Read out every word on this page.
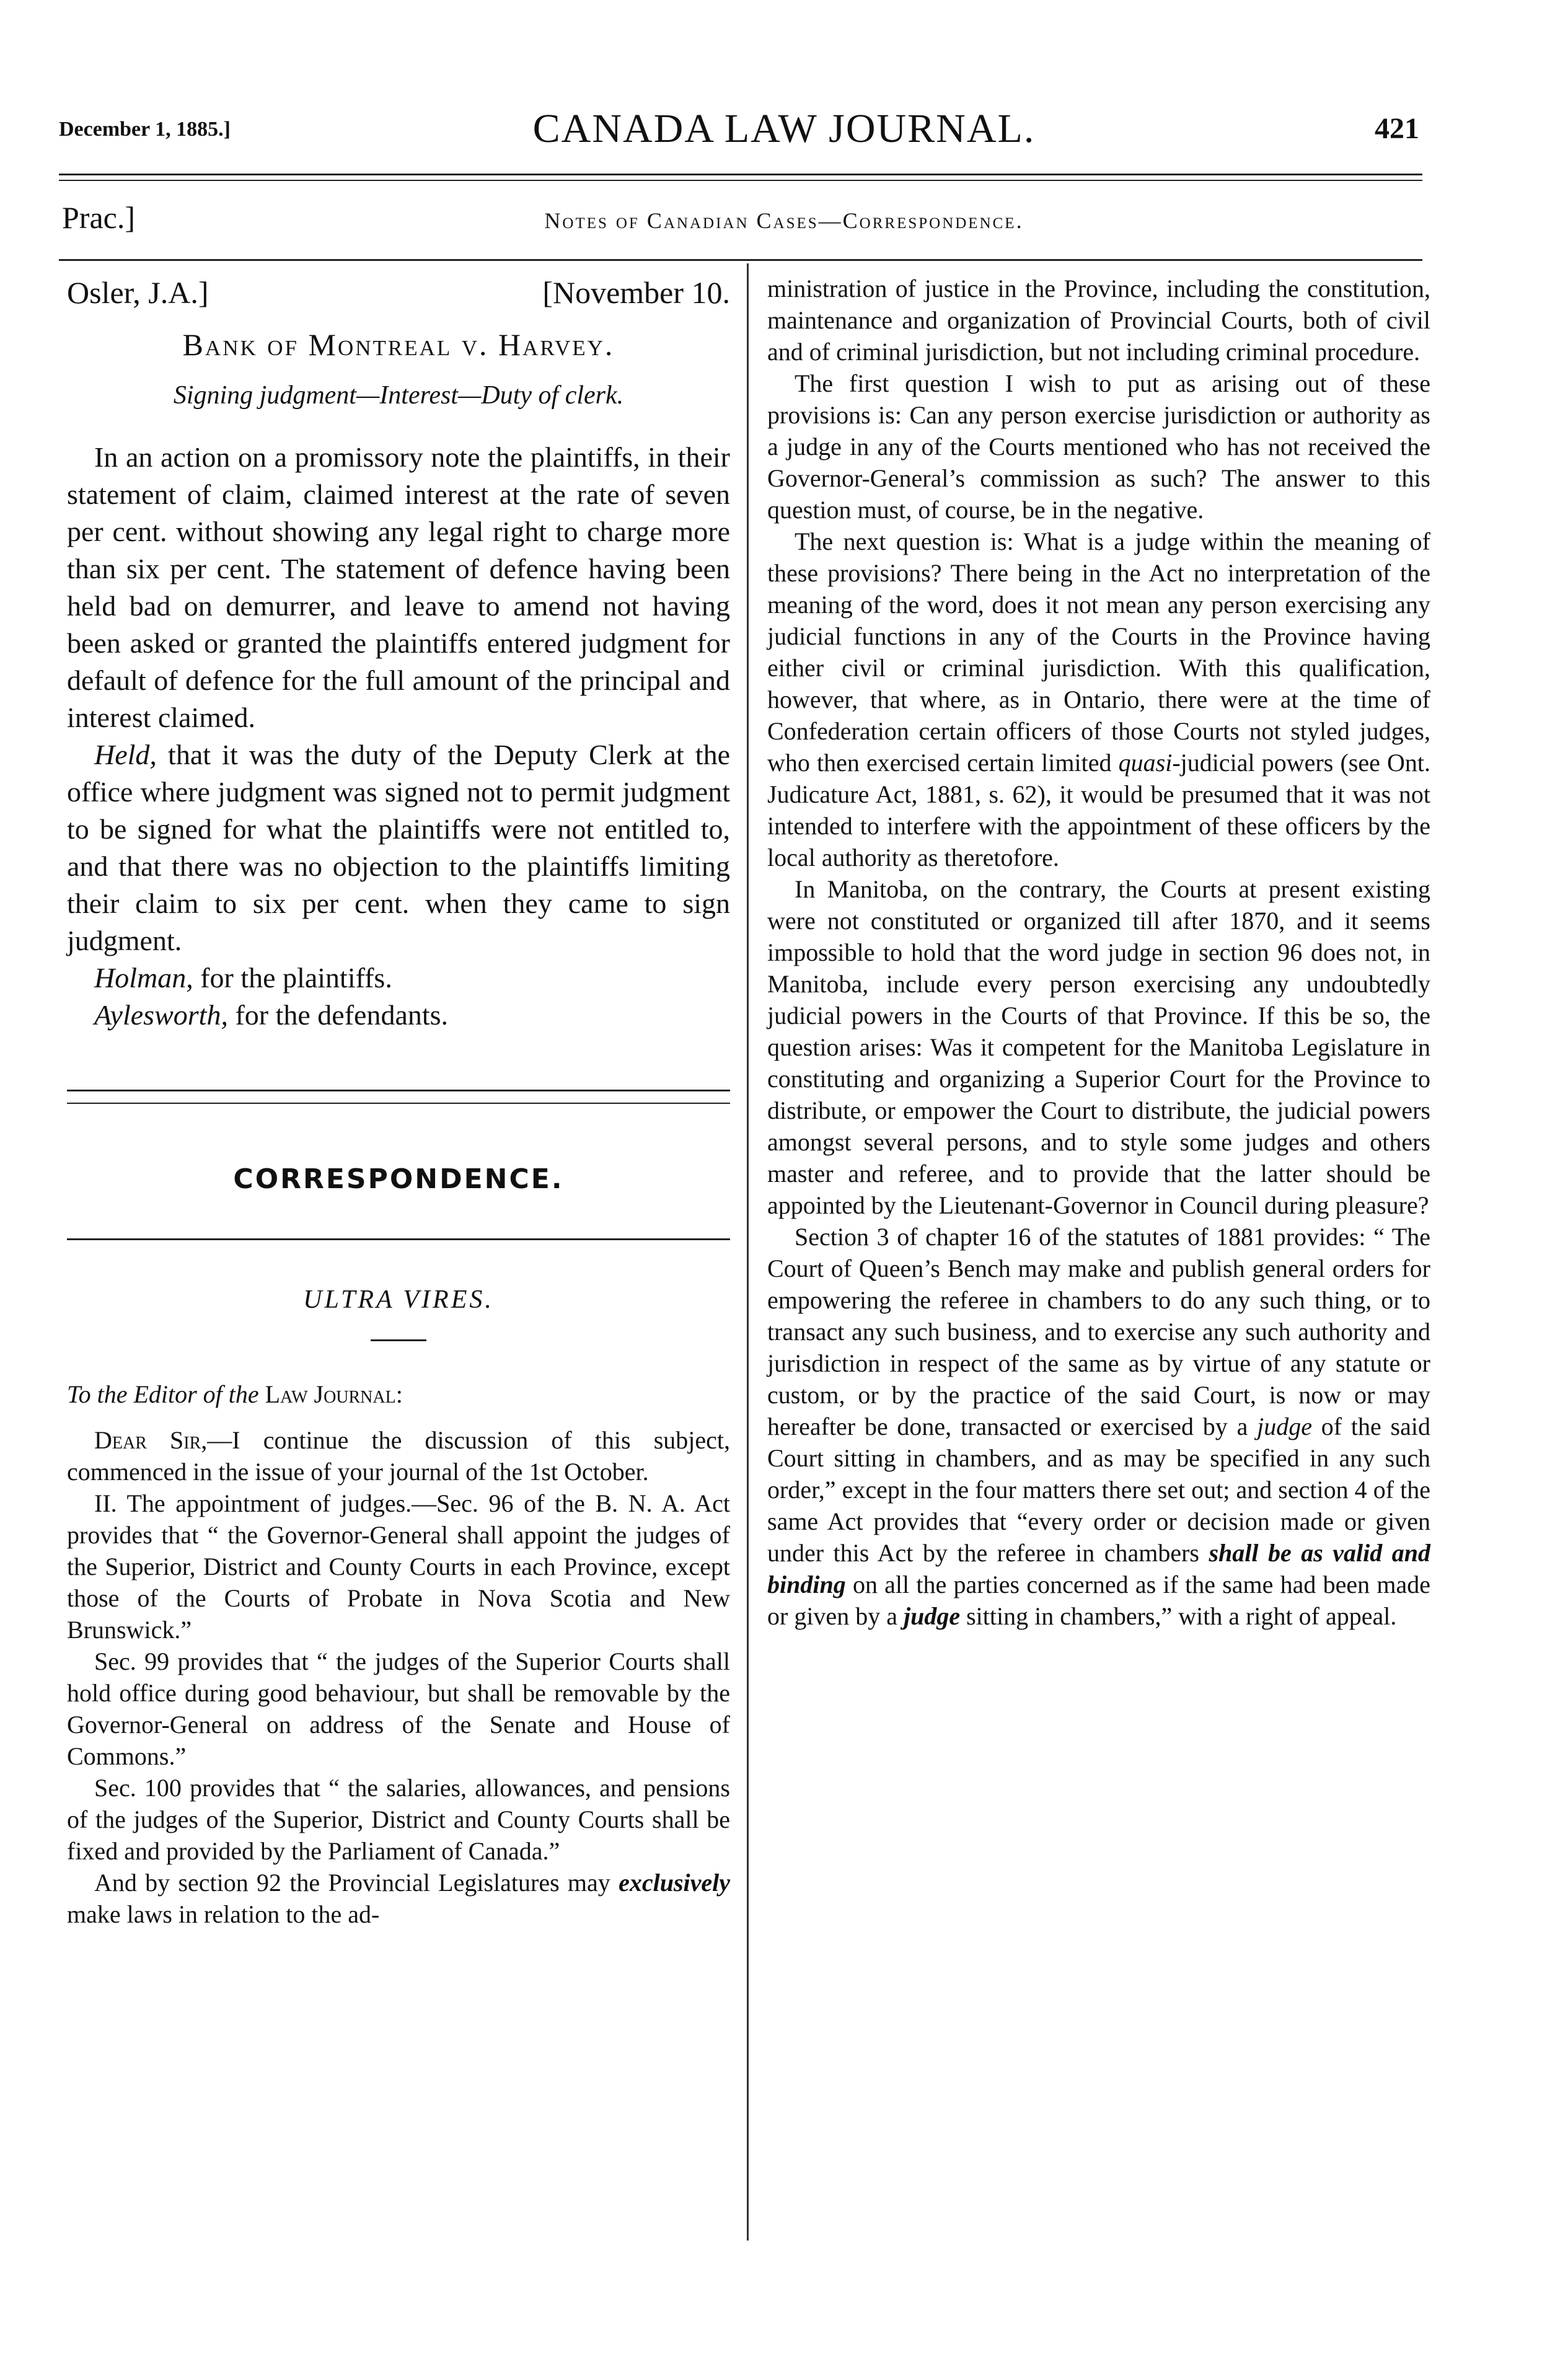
December 1, 1885.]	CANADA LAW JOURNAL.	421
Prac.]	Notes of Canadian Cases—Correspondence.
Osler, J.A.]	[November 10.
Bank of Montreal v. Harvey.
Signing judgment—Interest—Duty of clerk.

In an action on a promissory note the plaintiffs, in their statement of claim, claimed interest at the rate of seven per cent. without showing any legal right to charge more than six per cent. The statement of defence having been held bad on demurrer, and leave to amend not having been asked or granted the plaintiffs entered judgment for default of defence for the full amount of the principal and interest claimed.

Held, that it was the duty of the Deputy Clerk at the office where judgment was signed not to permit judgment to be signed for what the plaintiffs were not entitled to, and that there was no objection to the plaintiffs limiting their claim to six per cent. when they came to sign judgment.

Holman, for the plaintiffs.

Aylesworth, for the defendants.

CORRESPONDENCE.
ULTRA VIRES.

To the Editor of the Law Journal:

Dear Sir,—I continue the discussion of this subject, commenced in the issue of your journal of the 1st October.

II. The appointment of judges.—Sec. 96 of the B. N. A. Act provides that “ the Governor-General shall appoint the judges of the Superior, District and County Courts in each Province, except those of the Courts of Probate in Nova Scotia and New Brunswick.”

Sec. 99 provides that “ the judges of the Superior Courts shall hold office during good behaviour, but shall be removable by the Governor-General on address of the Senate and House of Commons.”

Sec. 100 provides that “ the salaries, allowances, and pensions of the judges of the Superior, District and County Courts shall be fixed and provided by the Parliament of Canada.”

And by section 92 the Provincial Legislatures may exclusively make laws in relation to the ad-

ministration of justice in the Province, including the constitution, maintenance and organization of Provincial Courts, both of civil and of criminal jurisdiction, but not including criminal procedure.

The first question I wish to put as arising out of these provisions is: Can any person exercise jurisdiction or authority as a judge in any of the Courts mentioned who has not received the Governor-General’s commission as such? The answer to this question must, of course, be in the negative.

The next question is: What is a judge within the meaning of these provisions? There being in the Act no interpretation of the meaning of the word, does it not mean any person exercising any judicial functions in any of the Courts in the Province having either civil or criminal jurisdiction. With this qualification, however, that where, as in Ontario, there were at the time of Confederation certain officers of those Courts not styled judges, who then exercised certain limited quasi-judicial powers (see Ont. Judicature Act, 1881, s. 62), it would be presumed that it was not intended to interfere with the appointment of these officers by the local authority as theretofore.

In Manitoba, on the contrary, the Courts at present existing were not constituted or organized till after 1870, and it seems impossible to hold that the word judge in section 96 does not, in Manitoba, include every person exercising any undoubtedly judicial powers in the Courts of that Province. If this be so, the question arises: Was it competent for the Manitoba Legislature in constituting and organizing a Superior Court for the Province to distribute, or empower the Court to distribute, the judicial powers amongst several persons, and to style some judges and others master and referee, and to provide that the latter should be appointed by the Lieutenant-Governor in Council during pleasure?

Section 3 of chapter 16 of the statutes of 1881 provides: “ The Court of Queen’s Bench may make and publish general orders for empowering the referee in chambers to do any such thing, or to transact any such business, and to exercise any such authority and jurisdiction in respect of the same as by virtue of any statute or custom, or by the practice of the said Court, is now or may hereafter be done, transacted or exercised by a judge of the said Court sitting in chambers, and as may be specified in any such order,” except in the four matters there set out; and section 4 of the same Act provides that “every order or decision made or given under this Act by the referee in chambers shall be as valid and binding on all the parties concerned as if the same had been made or given by a judge sitting in chambers,” with a right of appeal.
